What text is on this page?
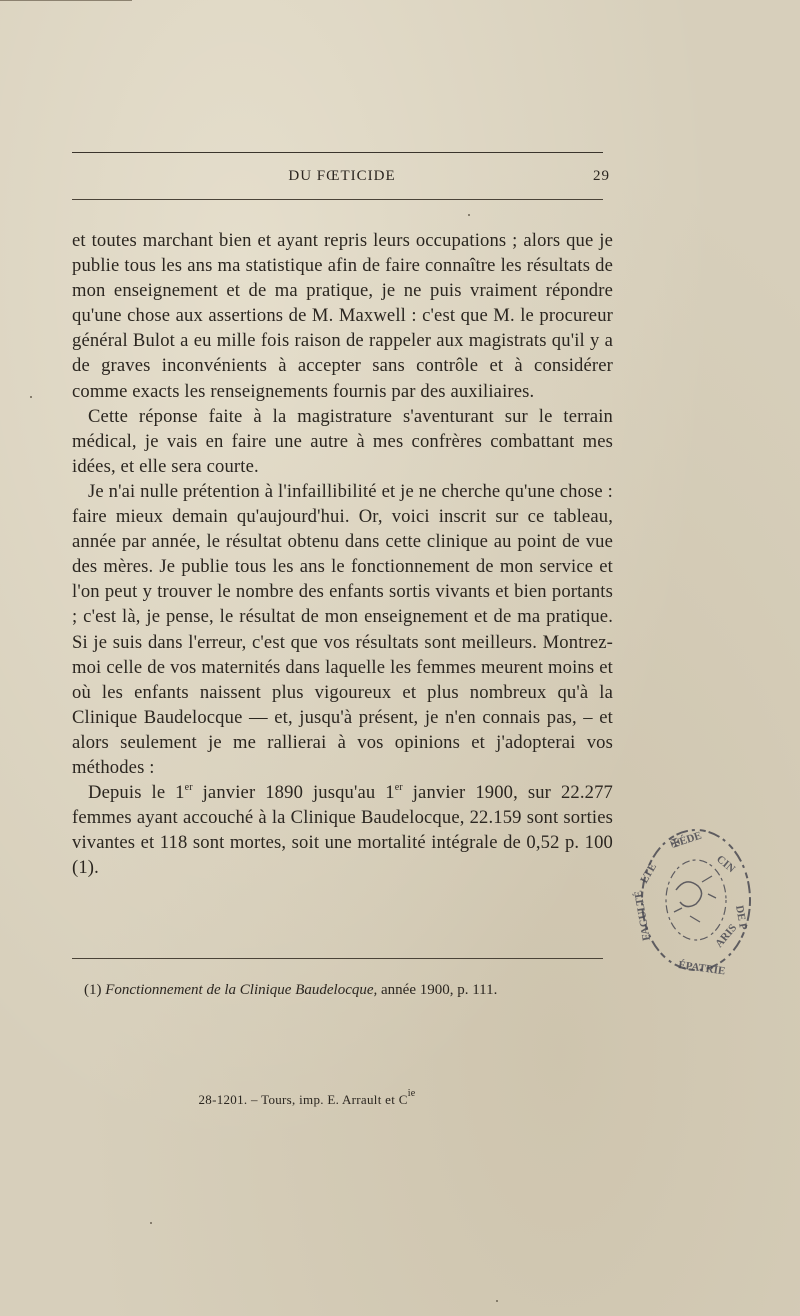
DU FŒTICIDE	29

et toutes marchant bien et ayant repris leurs occupations ; alors que je publie tous les ans ma statistique afin de faire connaître les résultats de mon enseignement et de ma pratique, je ne puis vraiment répondre qu'une chose aux assertions de M. Maxwell : c'est que M. le procureur général Bulot a eu mille fois raison de rappeler aux magistrats qu'il y a de graves inconvénients à accepter sans contrôle et à considérer comme exacts les renseignements fournis par des auxiliaires.

Cette réponse faite à la magistrature s'aventurant sur le terrain médical, je vais en faire une autre à mes confrères combattant mes idées, et elle sera courte.

Je n'ai nulle prétention à l'infaillibilité et je ne cherche qu'une chose : faire mieux demain qu'aujourd'hui. Or, voici inscrit sur ce tableau, année par année, le résultat obtenu dans cette clinique au point de vue des mères. Je publie tous les ans le fonctionnement de mon service et l'on peut y trouver le nombre des enfants sortis vivants et bien portants ; c'est là, je pense, le résultat de mon enseignement et de ma pratique. Si je suis dans l'erreur, c'est que vos résultats sont meilleurs. Montrez-moi celle de vos maternités dans laquelle les femmes meurent moins et où les enfants naissent plus vigoureux et plus nombreux qu'à la Clinique Baudelocque — et, jusqu'à présent, je n'en connais pas, – et alors seulement je me rallierai à vos opinions et j'adopterai vos méthodes :

Depuis le 1er janvier 1890 jusqu'au 1er janvier 1900, sur 22.277 femmes ayant accouché à la Clinique Baudelocque, 22.159 sont sorties vivantes et 118 sont mortes, soit une mortalité intégrale de 0,52 p. 100 (1).

(1) Fonctionnement de la Clinique Baudelocque, année 1900, p. 111.
28-1201. – Tours, imp. E. Arrault et $C^{ie}$
✠ÉDE
CIN
DE P
ARIS
ÉPATRIE
FACULTÉ
LTE
